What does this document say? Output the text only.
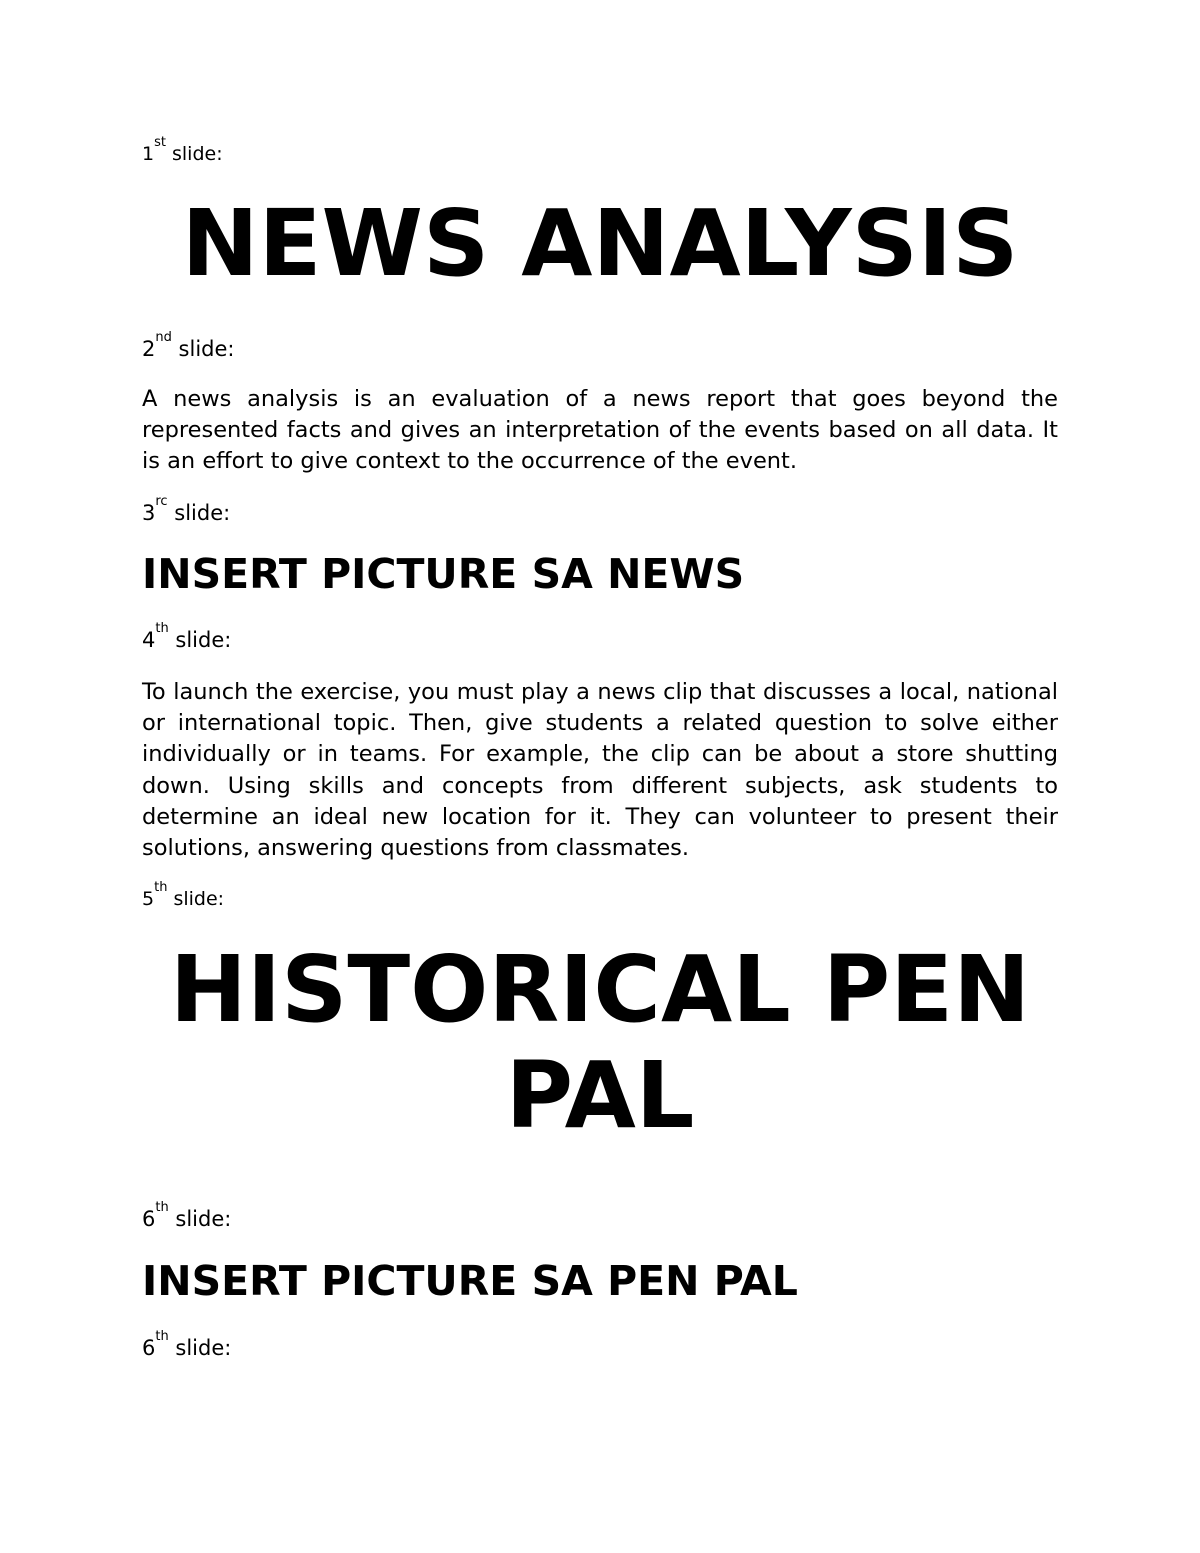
1st slide:

NEWS ANALYSIS

2nd slide:

A news analysis is an evaluation of a news report that goes beyond the represented facts and gives an interpretation of the events based on all data. It is an effort to give context to the occurrence of the event.

$3^{rc}$ slide:

INSERT PICTURE SA NEWS

4th slide:

To launch the exercise, you must play a news clip that discusses a local, national or international topic. Then, give students a related question to solve either individually or in teams. For example, the clip can be about a store shutting down. Using skills and concepts from different subjects, ask students to determine an ideal new location for it. They can volunteer to present their solutions, answering questions from classmates.

5th slide:

HISTORICAL PEN
PAL

6th slide:

INSERT PICTURE SA PEN PAL

6th slide:
